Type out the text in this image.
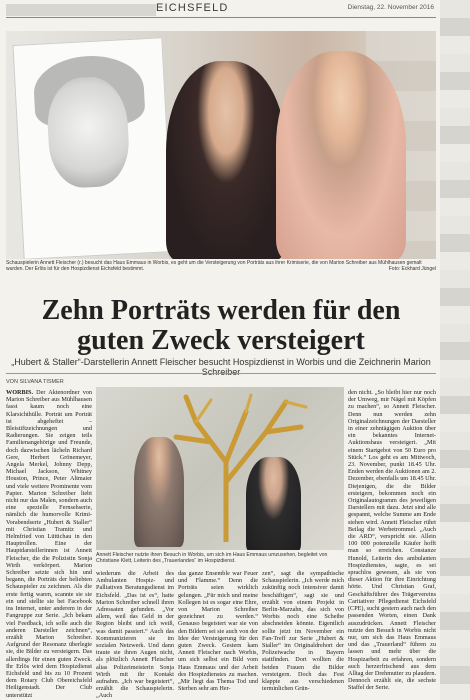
EICHSFELD	Dienstag, 22. November 2016
Schauspielerin Annett Fleischer (r.) besucht das Haus Emmaus in Worbis, es geht um die Versteigerung von Porträts aus ihrer Krimiserie, die von Marion Schreiber aus Mühlhausen gemalt wurden. Der Erlös ist für den Hospizdienst Eichsfeld bestimmt.	Foto: Eckhard Jüngel
Zehn Porträts werden für den
guten Zweck versteigert
„Hubert & Staller“-Darstellerin Annett Fleischer besucht Hospizdienst in Worbis und die Zeichnerin Marion Schreiber
VON SILVANA TISMER

WORBIS. Der Aktenordner von Marion Schreiber aus Mühlhausen fasst kaum noch eine Klarsichthülle. Porträt um Porträt ist abgeheftet – Bleistiftzeichnungen und Radierungen. Sie zeigen teils Familienangehörige und Freunde, doch dazwischen lächeln Richard Gere, Herbert Grönemeyer, Angela Merkel, Johnny Depp, Michael Jackson, Whitney Houston, Prince, Peter Altmaier und viele weitere Prominente vom Papier. Marion Schreiber liebt nicht nur das Malen, sondern auch eine spezielle Fernsehserie, nämlich die humorvolle Krimi-Vorabendserie „Hubert & Staller“ mit Christian Tramitz und Helmfried von Lüttichau in den Hauptrollen. Eine der Hauptdarstellerinnen ist Annett Fleischer, die die Polizistin Sonja Wirth verkörpert. Marion Schreiber setzte sich hin und begann, die Porträts der beliebten Schauspieler zu zeichnen. Als die erste fertig waren, scannte sie sie ein und stellte sie bei Facebook ins Internet, unter anderem in der Fangruppe zur Serie. „Ich bekam viel Feedback, ich solle auch die anderen Darsteller zeichnen“, erzählt Marion Schreiber. Aufgrund der Resonanz überlegte sie, die Bilder zu versteigern. Das allerdings für einen guten Zweck. Ihr Erlös wird dem Hospizdienst Eichsfeld und bis zu 10 Prozent dem Rotary Club Obereichsfeld Heiligenstadt. Der Club unterstützt

Annett Fleischer nutzte ihren Besuch in Worbis, um sich im Haus Emmaus umzusehen, begleitet von Christiane Klett, Leiterin des „Trauerlandes“ im Hospizdienst.

wiederum die Arbeit des Ambulanten Hospiz- und Palliativen Beratungsdienst im Eichsfeld. „Das ist es“, hatte Marion Schreiber schnell ihren Adressaten gefunden. „Vor allem, weil das Geld in der Region bleibt und ich weiß, was damit passiert.“ Auch das Kommunizieren sie im sozialen Netzwerk. Und dann traute sie ihren Augen nicht, als plötzlich Annett Fleischer alias Polizeimeisterin Sonja Wirth mit ihr Kontakt aufnahm. „Ich war begeistert“, erzählt die Schauspielerin. „Auch

das ganze Ensemble war Feuer und Flamme.“ Denn die Porträts seien wirklich gelungen. „Für mich und meine Kollegen ist es sogar eine Ehre, von Marion Schreiber gezeichnet zu werden.“ Genauso begeistert war sie von den Bildern sei sie auch von der Idee der Versteigerung für den guten Zweck. Gestern kam Annett Fleischer nach Worbis, um sich selbst ein Bild vom Haus Emmaus und der Arbeit des Hospizdienstes zu machen. „Mir liegt das Thema Tod und Sterben sehr am Her-

zen“, sagt die sympathische Schauspielerin. „Ich werde mich zukünftig noch intensiver damit beschäftigen“, sagt sie und erzählt von einem Projekt in Berlin-Marzahn, das sich von Worbis noch eine Scheibe abschneiden könnte. Eigentlich sollte jetzt im November ein Fan-Treff zur Serie „Hubert & Staller“ im Originaldrehort der Polizeiwache in Bayern stattfinden. Dort wollten die beiden Frauen die Bilder versteigern. Doch das Fest klappte aus verschiedenen terminlichen Grün-

den nicht. „So bleibt hier nur noch der Umweg, mir Nägel mit Köpfen zu machen“, so Annett Fleischer. Denn nun werden zehn Originalzeichnungen der Darsteller in einer zehntägigen Auktion über ein bekanntes Internet-Auktionshaus versteigert. „Mit einem Startgebot von 50 Euro pro Stück.“ Los geht es am Mittwoch, 23. November, punkt 18.45 Uhr. Enden werden die Auktionen am 2. Dezember, ebenfalls um 18.45 Uhr. Diejenigen, die die Bilder ersteigern, bekommen noch ein Originalautogramm des jeweiligen Darstellers mit dazu. Jetzt sind alle gespannt, welche Summe am Ende stehen wird. Annett Fleischer rührt Beilag die Werbetrommel. „Auch die ARD“, verspricht sie. Allein 100 000 potenzielle Käufer hofft man so erreichen. Constanze Hunold, Leiterin des ambulanten Hospizdienstes, sagte, es sei sprachlos gewesen, als sie von dieser Aktion für ihre Einrichtung hörte. Und Christian Graf, Geschäftsführer des Trägervereins Caritativer Pflegedienst Eichsfeld (CPE), sucht gestern auch nach den passenden Worten, einen Dank auszudrücken. Annett Fleischer nutzte den Besuch in Worbis nicht nur, um sich das Haus Emmaus und das „Trauerland“ führen zu lassen und mehr über die Hospizarbeit zu erfahren, sondern auch herzerfrischend aus dem Alltag der Drehmutter zu plaudern. Dennoch erzählt sie, die sechste Staffel der Serie.
